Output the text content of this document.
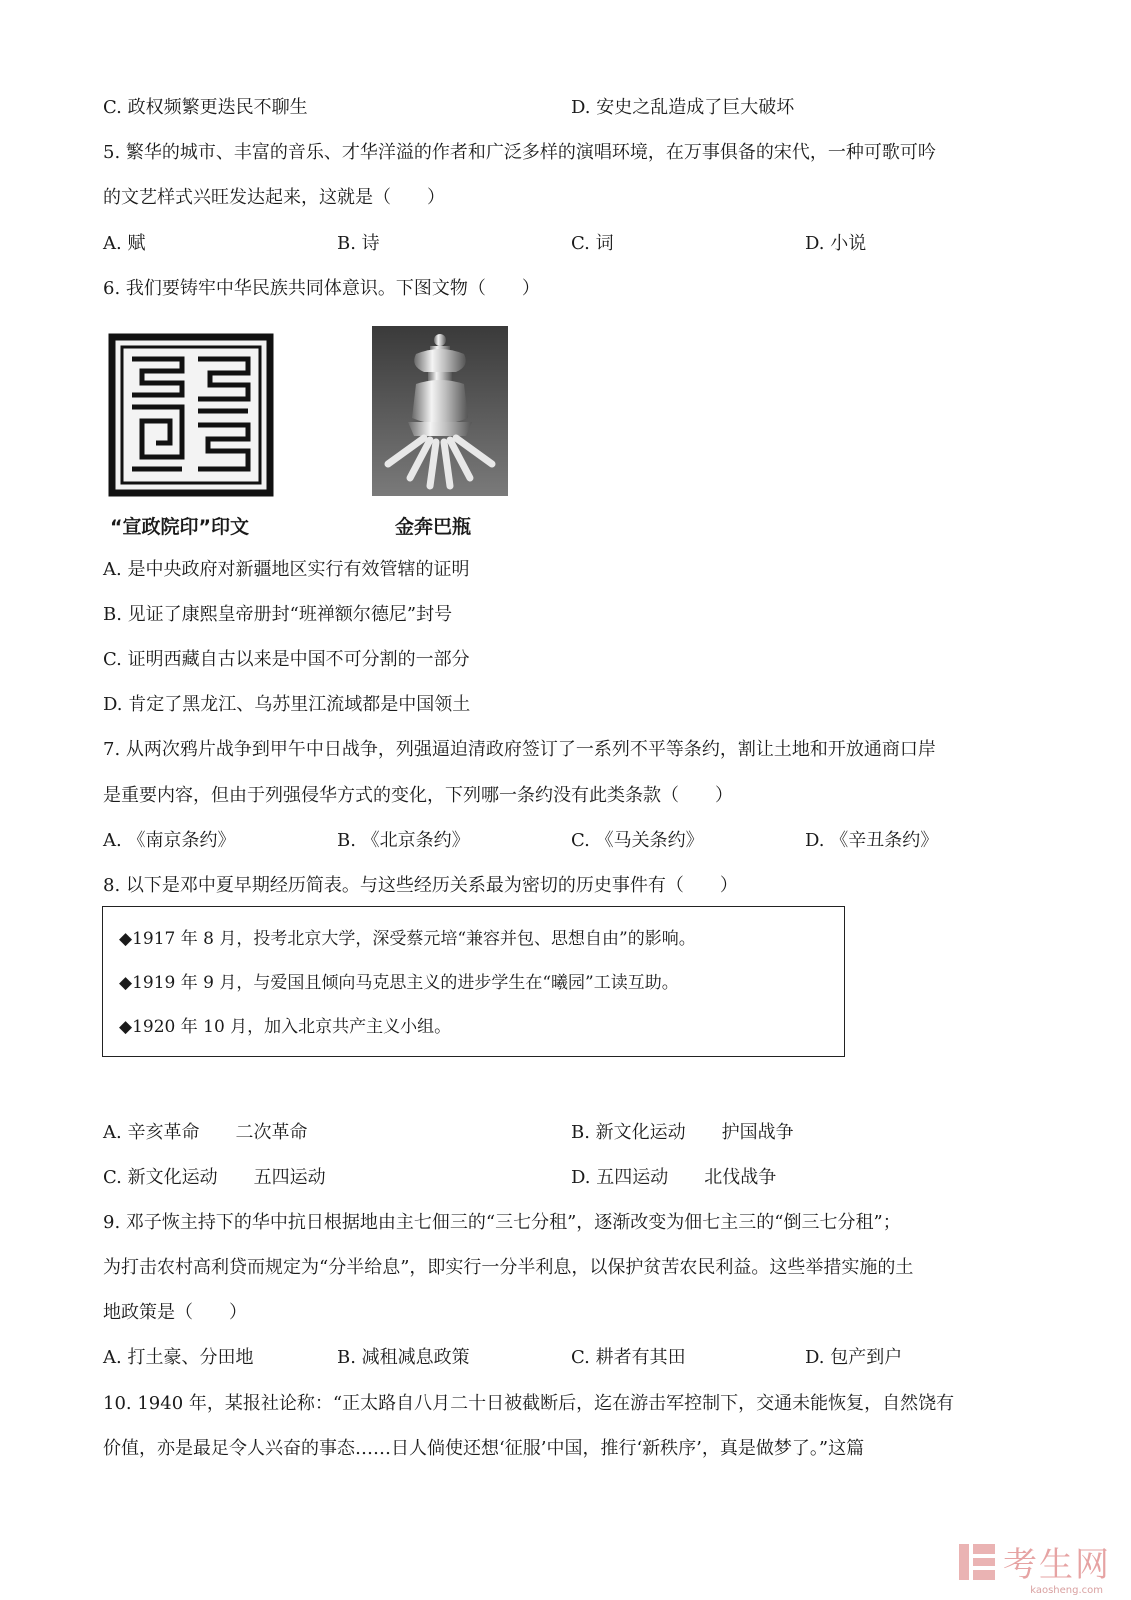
C. 政权频繁更迭民不聊生	D. 安史之乱造成了巨大破坏
5. 繁华的城市、丰富的音乐、才华洋溢的作者和广泛多样的演唱环境，在万事俱备的宋代，一种可歌可吟
的文艺样式兴旺发达起来，这就是（　　）
A. 赋	B. 诗	C. 词	D. 小说
6. 我们要铸牢中华民族共同体意识。下图文物（　　）
“宣政院印”印文	金奔巴瓶
A. 是中央政府对新疆地区实行有效管辖的证明
B. 见证了康熙皇帝册封“班禅额尔德尼”封号
C. 证明西藏自古以来是中国不可分割的一部分
D. 肯定了黑龙江、乌苏里江流域都是中国领土
7. 从两次鸦片战争到甲午中日战争，列强逼迫清政府签订了一系列不平等条约，割让土地和开放通商口岸
是重要内容，但由于列强侵华方式的变化，下列哪一条约没有此类条款（　　）
A. 《南京条约》	B. 《北京条约》	C. 《马关条约》	D. 《辛丑条约》
8. 以下是邓中夏早期经历简表。与这些经历关系最为密切的历史事件有（　　）
◆1917 年 8 月，投考北京大学，深受蔡元培“兼容并包、思想自由”的影响。
◆1919 年 9 月，与爱国且倾向马克思主义的进步学生在“曦园”工读互助。
◆1920 年 10 月，加入北京共产主义小组。
A. 辛亥革命　　二次革命	B. 新文化运动　　护国战争
C. 新文化运动　　五四运动	D. 五四运动　　北伐战争
9. 邓子恢主持下的华中抗日根据地由主七佃三的“三七分租”，逐渐改变为佃七主三的“倒三七分租”；
为打击农村高利贷而规定为“分半给息”，即实行一分半利息，以保护贫苦农民利益。这些举措实施的土
地政策是（　　）
A. 打土豪、分田地	B. 减租减息政策	C. 耕者有其田	D. 包产到户
10. 1940 年，某报社论称：“正太路自八月二十日被截断后，迄在游击军控制下，交通未能恢复，自然饶有
价值，亦是最足令人兴奋的事态……日人倘使还想‘征服’中国，推行‘新秩序’，真是做梦了。”这篇
考生网
kaosheng.com
